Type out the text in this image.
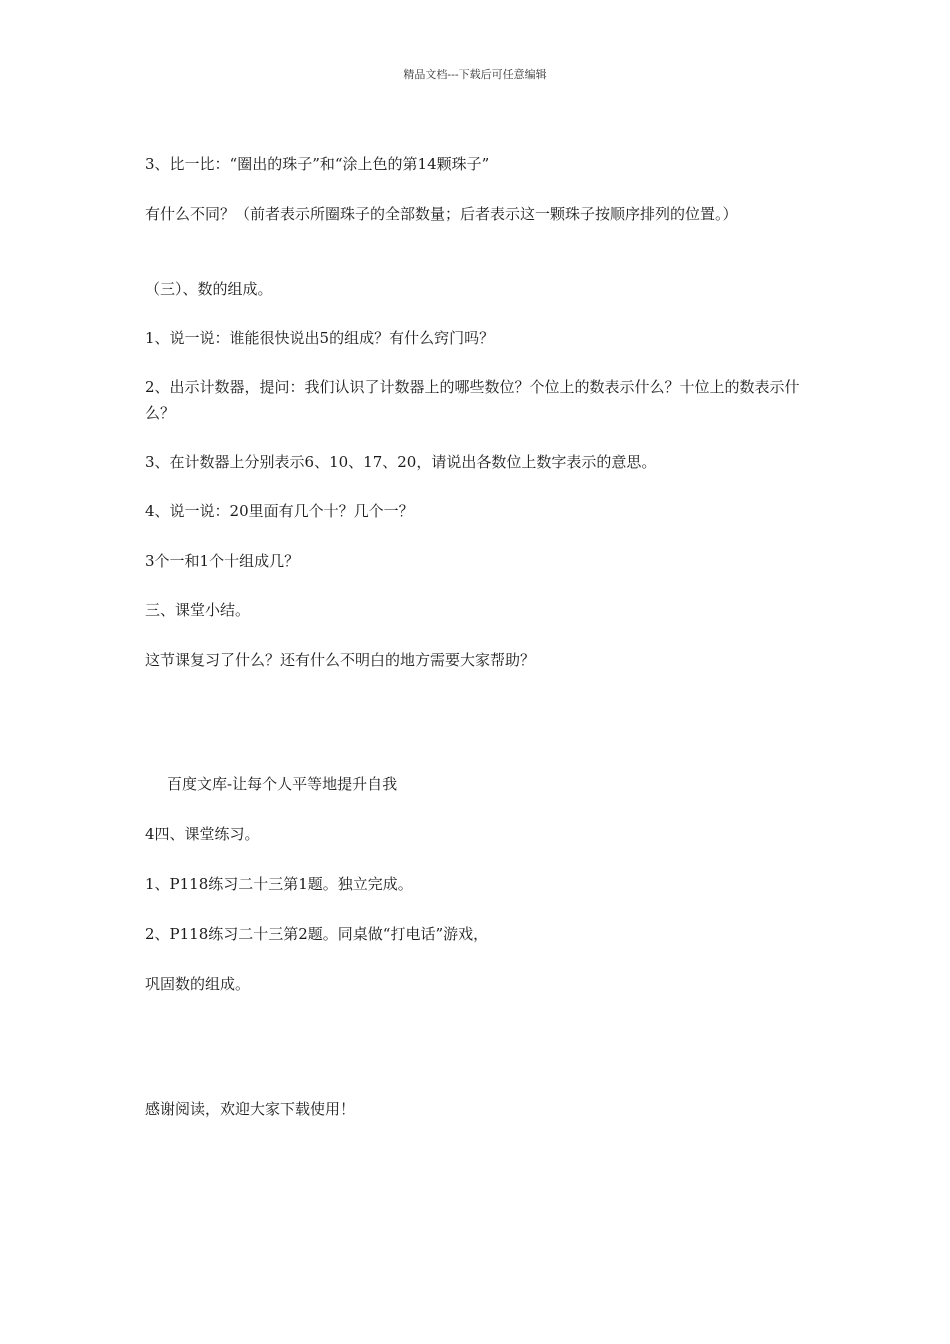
精品文档---下载后可任意编辑
3、比一比：“圈出的珠子”和“涂上色的第14颗珠子”
有什么不同？（前者表示所圈珠子的全部数量；后者表示这一颗珠子按顺序排列的位置。）
（三）、数的组成。
1、说一说：谁能很快说出5的组成？有什么窍门吗？
2、出示计数器，提问：我们认识了计数器上的哪些数位？个位上的数表示什么？十位上的数表示什么？
3、在计数器上分别表示6、10、17、20，请说出各数位上数字表示的意思。
4、说一说：20里面有几个十？几个一？
3个一和1个十组成几？
三、课堂小结。
这节课复习了什么？还有什么不明白的地方需要大家帮助？
百度文库-让每个人平等地提升自我
4四、课堂练习。
1、P118练习二十三第1题。独立完成。
2、P118练习二十三第2题。同桌做“打电话”游戏，
巩固数的组成。
感谢阅读，欢迎大家下载使用！
